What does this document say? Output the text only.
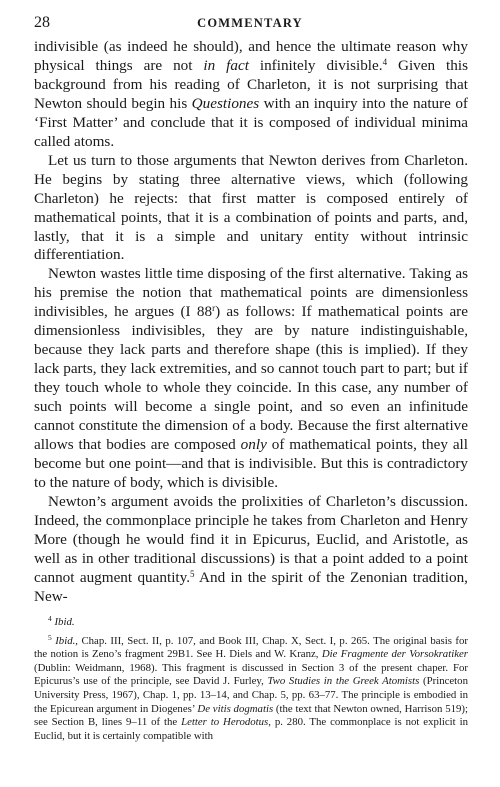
28	COMMENTARY

indivisible (as indeed he should), and hence the ultimate reason why physical things are not in fact infinitely divisible.$^4$ Given this background from his reading of Charleton, it is not surprising that Newton should begin his Questiones with an inquiry into the nature of ‘First Matter’ and conclude that it is composed of individual minima called atoms.

Let us turn to those arguments that Newton derives from Charleton. He begins by stating three alternative views, which (following Charleton) he rejects: that first matter is composed entirely of mathematical points, that it is a combination of points and parts, and, lastly, that it is a simple and unitary entity without intrinsic differentiation.

Newton wastes little time disposing of the first alternative. Taking as his premise the notion that mathematical points are dimensionless indivisibles, he argues (I 88$^r$) as follows: If mathematical points are dimensionless indivisibles, they are by nature indistinguishable, because they lack parts and therefore shape (this is implied). If they lack parts, they lack extremities, and so cannot touch part to part; but if they touch whole to whole they coincide. In this case, any number of such points will become a single point, and so even an infinitude cannot constitute the dimension of a body. Because the first alternative allows that bodies are composed only of mathematical points, they all become but one point—and that is indivisible. But this is contradictory to the nature of body, which is divisible.

Newton’s argument avoids the prolixities of Charleton’s discussion. Indeed, the commonplace principle he takes from Charleton and Henry More (though he would find it in Epicurus, Euclid, and Aristotle, as well as in other traditional discussions) is that a point added to a point cannot augment quantity.$^5$ And in the spirit of the Zenonian tradition, New-

$^4$ Ibid.

$^5$ Ibid., Chap. III, Sect. II, p. 107, and Book III, Chap. X, Sect. I, p. 265. The original basis for the notion is Zeno’s fragment 29B1. See H. Diels and W. Kranz, Die Fragmente der Vorsokratiker (Dublin: Weidmann, 1968). This fragment is discussed in Section 3 of the present chaper. For Epicurus’s use of the principle, see David J. Furley, Two Studies in the Greek Atomists (Princeton University Press, 1967), Chap. 1, pp. 13–14, and Chap. 5, pp. 63–77. The principle is embodied in the Epicurean argument in Diogenes’ De vitis dogmatis (the text that Newton owned, Harrison 519); see Section B, lines 9–11 of the Letter to Herodotus, p. 280. The commonplace is not explicit in Euclid, but it is certainly compatible with
